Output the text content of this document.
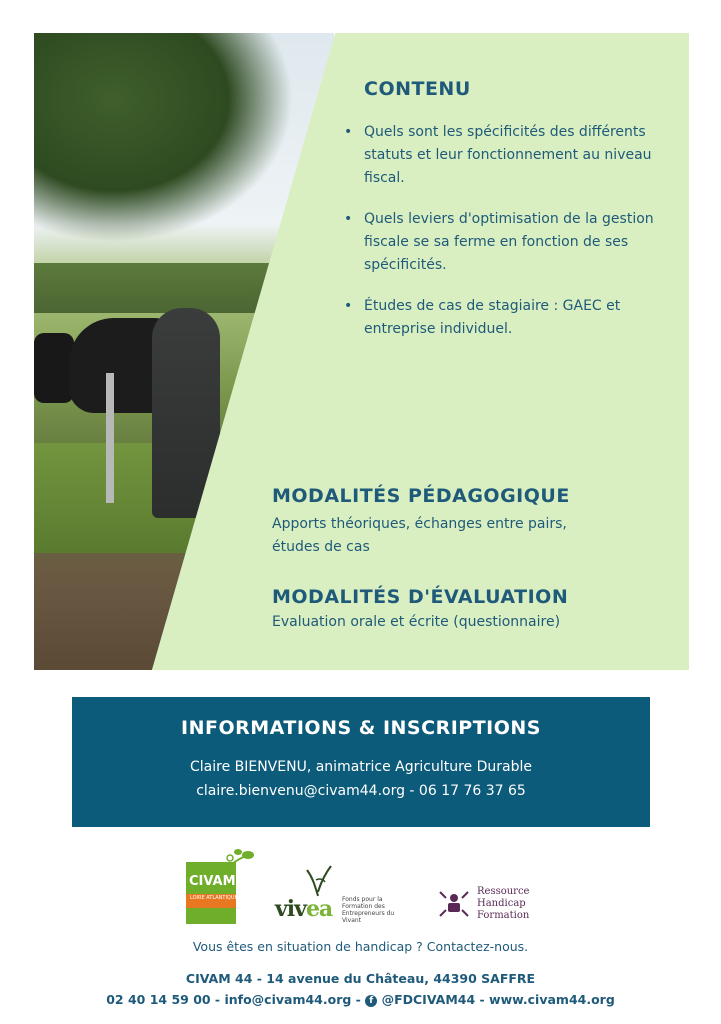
CONTENU
• Quels sont les spécificités des différents statuts et leur fonctionnement au niveau fiscal.
• Quels leviers d'optimisation de la gestion fiscale se sa ferme en fonction de ses spécificités.
• Études de cas de stagiaire : GAEC et entreprise individuel.
MODALITÉS PÉDAGOGIQUE
Apports théoriques, échanges entre pairs, études de cas
MODALITÉS D'ÉVALUATION
Evaluation orale et écrite (questionnaire)
INFORMATIONS & INSCRIPTIONS
Claire BIENVENU, animatrice Agriculture Durable
claire.bienvenu@civam44.org - 06 17 76 37 65
CIVAM
LOIRE ATLANTIQUE vivea Fonds pour la Formation des Entrepreneurs du Vivant
Ressource
Handicap
Formation
Vous êtes en situation de handicap ? Contactez-nous.
CIVAM 44 - 14 avenue du Château, 44390 SAFFRE
02 40 14 59 00 - info@civam44.org - f @FDCIVAM44 - www.civam44.org
